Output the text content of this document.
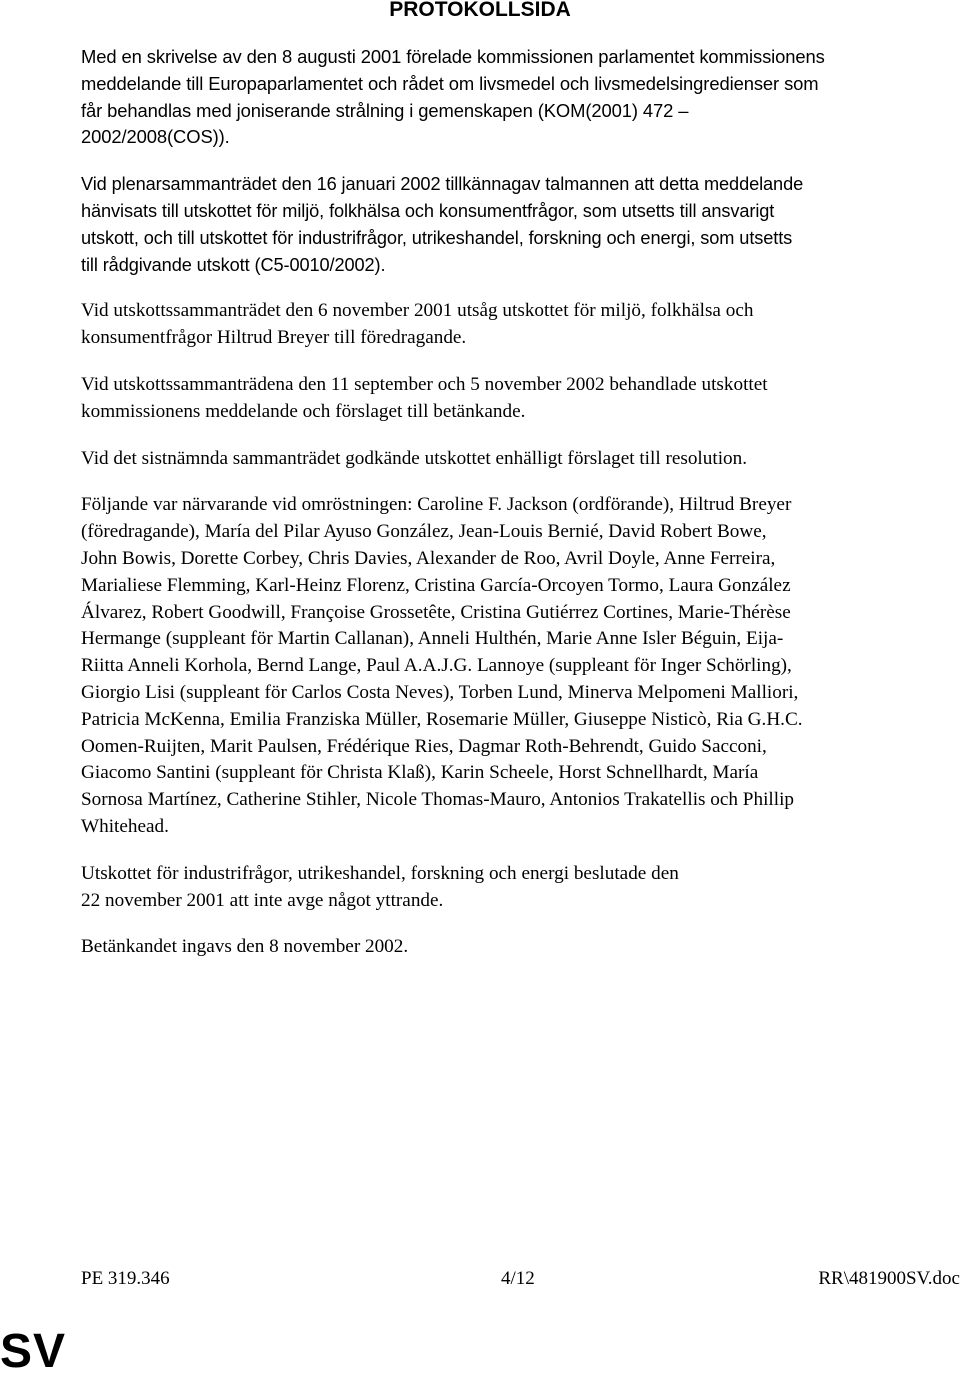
PROTOKOLLSIDA

Med en skrivelse av den 8 augusti 2001 förelade kommissionen parlamentet kommissionens
meddelande till Europaparlamentet och rådet om livsmedel och livsmedelsingredienser som
får behandlas med joniserande strålning i gemenskapen (KOM(2001) 472 –
2002/2008(COS)).

Vid plenarsammanträdet den 16 januari 2002 tillkännagav talmannen att detta meddelande
hänvisats till utskottet för miljö, folkhälsa och konsumentfrågor, som utsetts till ansvarigt
utskott, och till utskottet för industrifrågor, utrikeshandel, forskning och energi, som utsetts
till rådgivande utskott (C5-0010/2002).

Vid utskottssammanträdet den 6 november 2001 utsåg utskottet för miljö, folkhälsa och
konsumentfrågor Hiltrud Breyer till föredragande.

Vid utskottssammanträdena den 11 september och 5 november 2002 behandlade utskottet
kommissionens meddelande och förslaget till betänkande.

Vid det sistnämnda sammanträdet godkände utskottet enhälligt förslaget till resolution.

Följande var närvarande vid omröstningen: Caroline F. Jackson (ordförande), Hiltrud Breyer
(föredragande), María del Pilar Ayuso González, Jean-Louis Bernié, David Robert Bowe,
John Bowis, Dorette Corbey, Chris Davies, Alexander de Roo, Avril Doyle, Anne Ferreira,
Marialiese Flemming, Karl-Heinz Florenz, Cristina García-Orcoyen Tormo, Laura González
Álvarez, Robert Goodwill, Françoise Grossetête, Cristina Gutiérrez Cortines, Marie-Thérèse
Hermange (suppleant för Martin Callanan), Anneli Hulthén, Marie Anne Isler Béguin, Eija-
Riitta Anneli Korhola, Bernd Lange, Paul A.A.J.G. Lannoye (suppleant för Inger Schörling),
Giorgio Lisi (suppleant för Carlos Costa Neves), Torben Lund, Minerva Melpomeni Malliori,
Patricia McKenna, Emilia Franziska Müller, Rosemarie Müller, Giuseppe Nisticò, Ria G.H.C.
Oomen-Ruijten, Marit Paulsen, Frédérique Ries, Dagmar Roth-Behrendt, Guido Sacconi,
Giacomo Santini (suppleant för Christa Klaß), Karin Scheele, Horst Schnellhardt, María
Sornosa Martínez, Catherine Stihler, Nicole Thomas-Mauro, Antonios Trakatellis och Phillip
Whitehead.

Utskottet för industrifrågor, utrikeshandel, forskning och energi beslutade den
22 november 2001 att inte avge något yttrande.

Betänkandet ingavs den 8 november 2002.

PE 319.346	4/12	RR\481900SV.doc
SV
